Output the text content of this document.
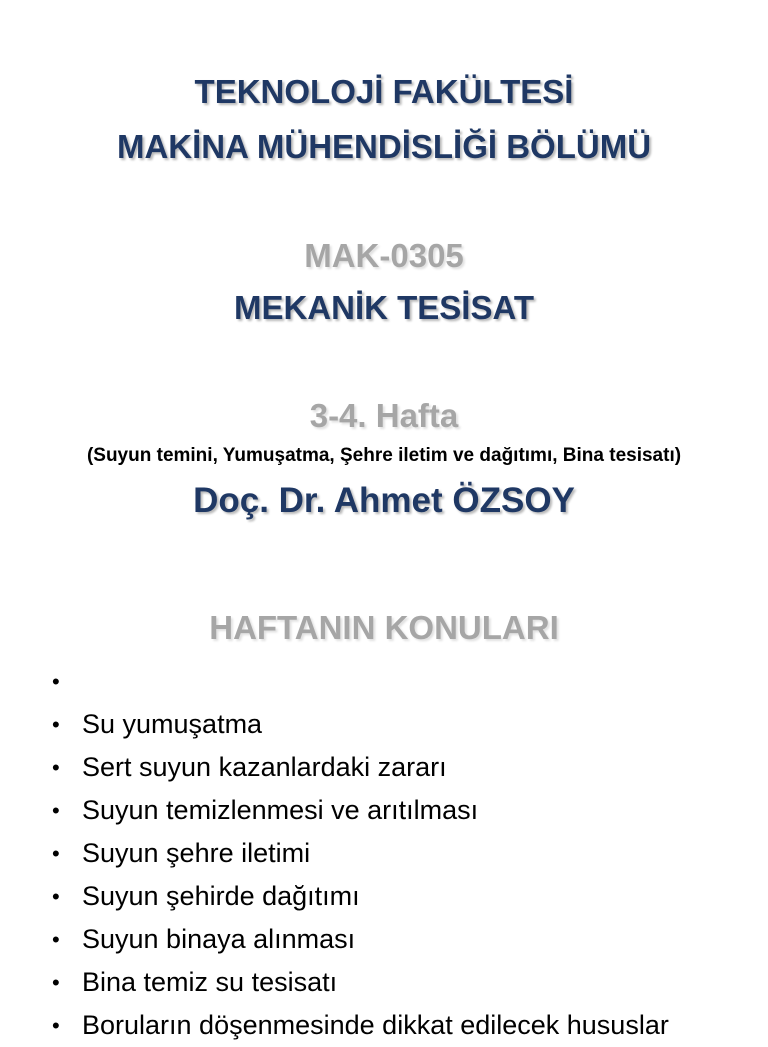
TEKNOLOJİ FAKÜLTESİ
MAKİNA MÜHENDİSLİĞİ BÖLÜMÜ
MAK-0305
MEKANİK TESİSAT
3-4. Hafta
(Suyun temini, Yumuşatma, Şehre iletim ve dağıtımı, Bina tesisatı)
Doç. Dr. Ahmet ÖZSOY
HAFTANIN KONULARI
•
• Su yumuşatma
• Sert suyun kazanlardaki zararı
• Suyun temizlenmesi ve arıtılması
• Suyun şehre iletimi
• Suyun şehirde dağıtımı
• Suyun binaya alınması
• Bina temiz su tesisatı
• Boruların döşenmesinde dikkat edilecek hususlar
